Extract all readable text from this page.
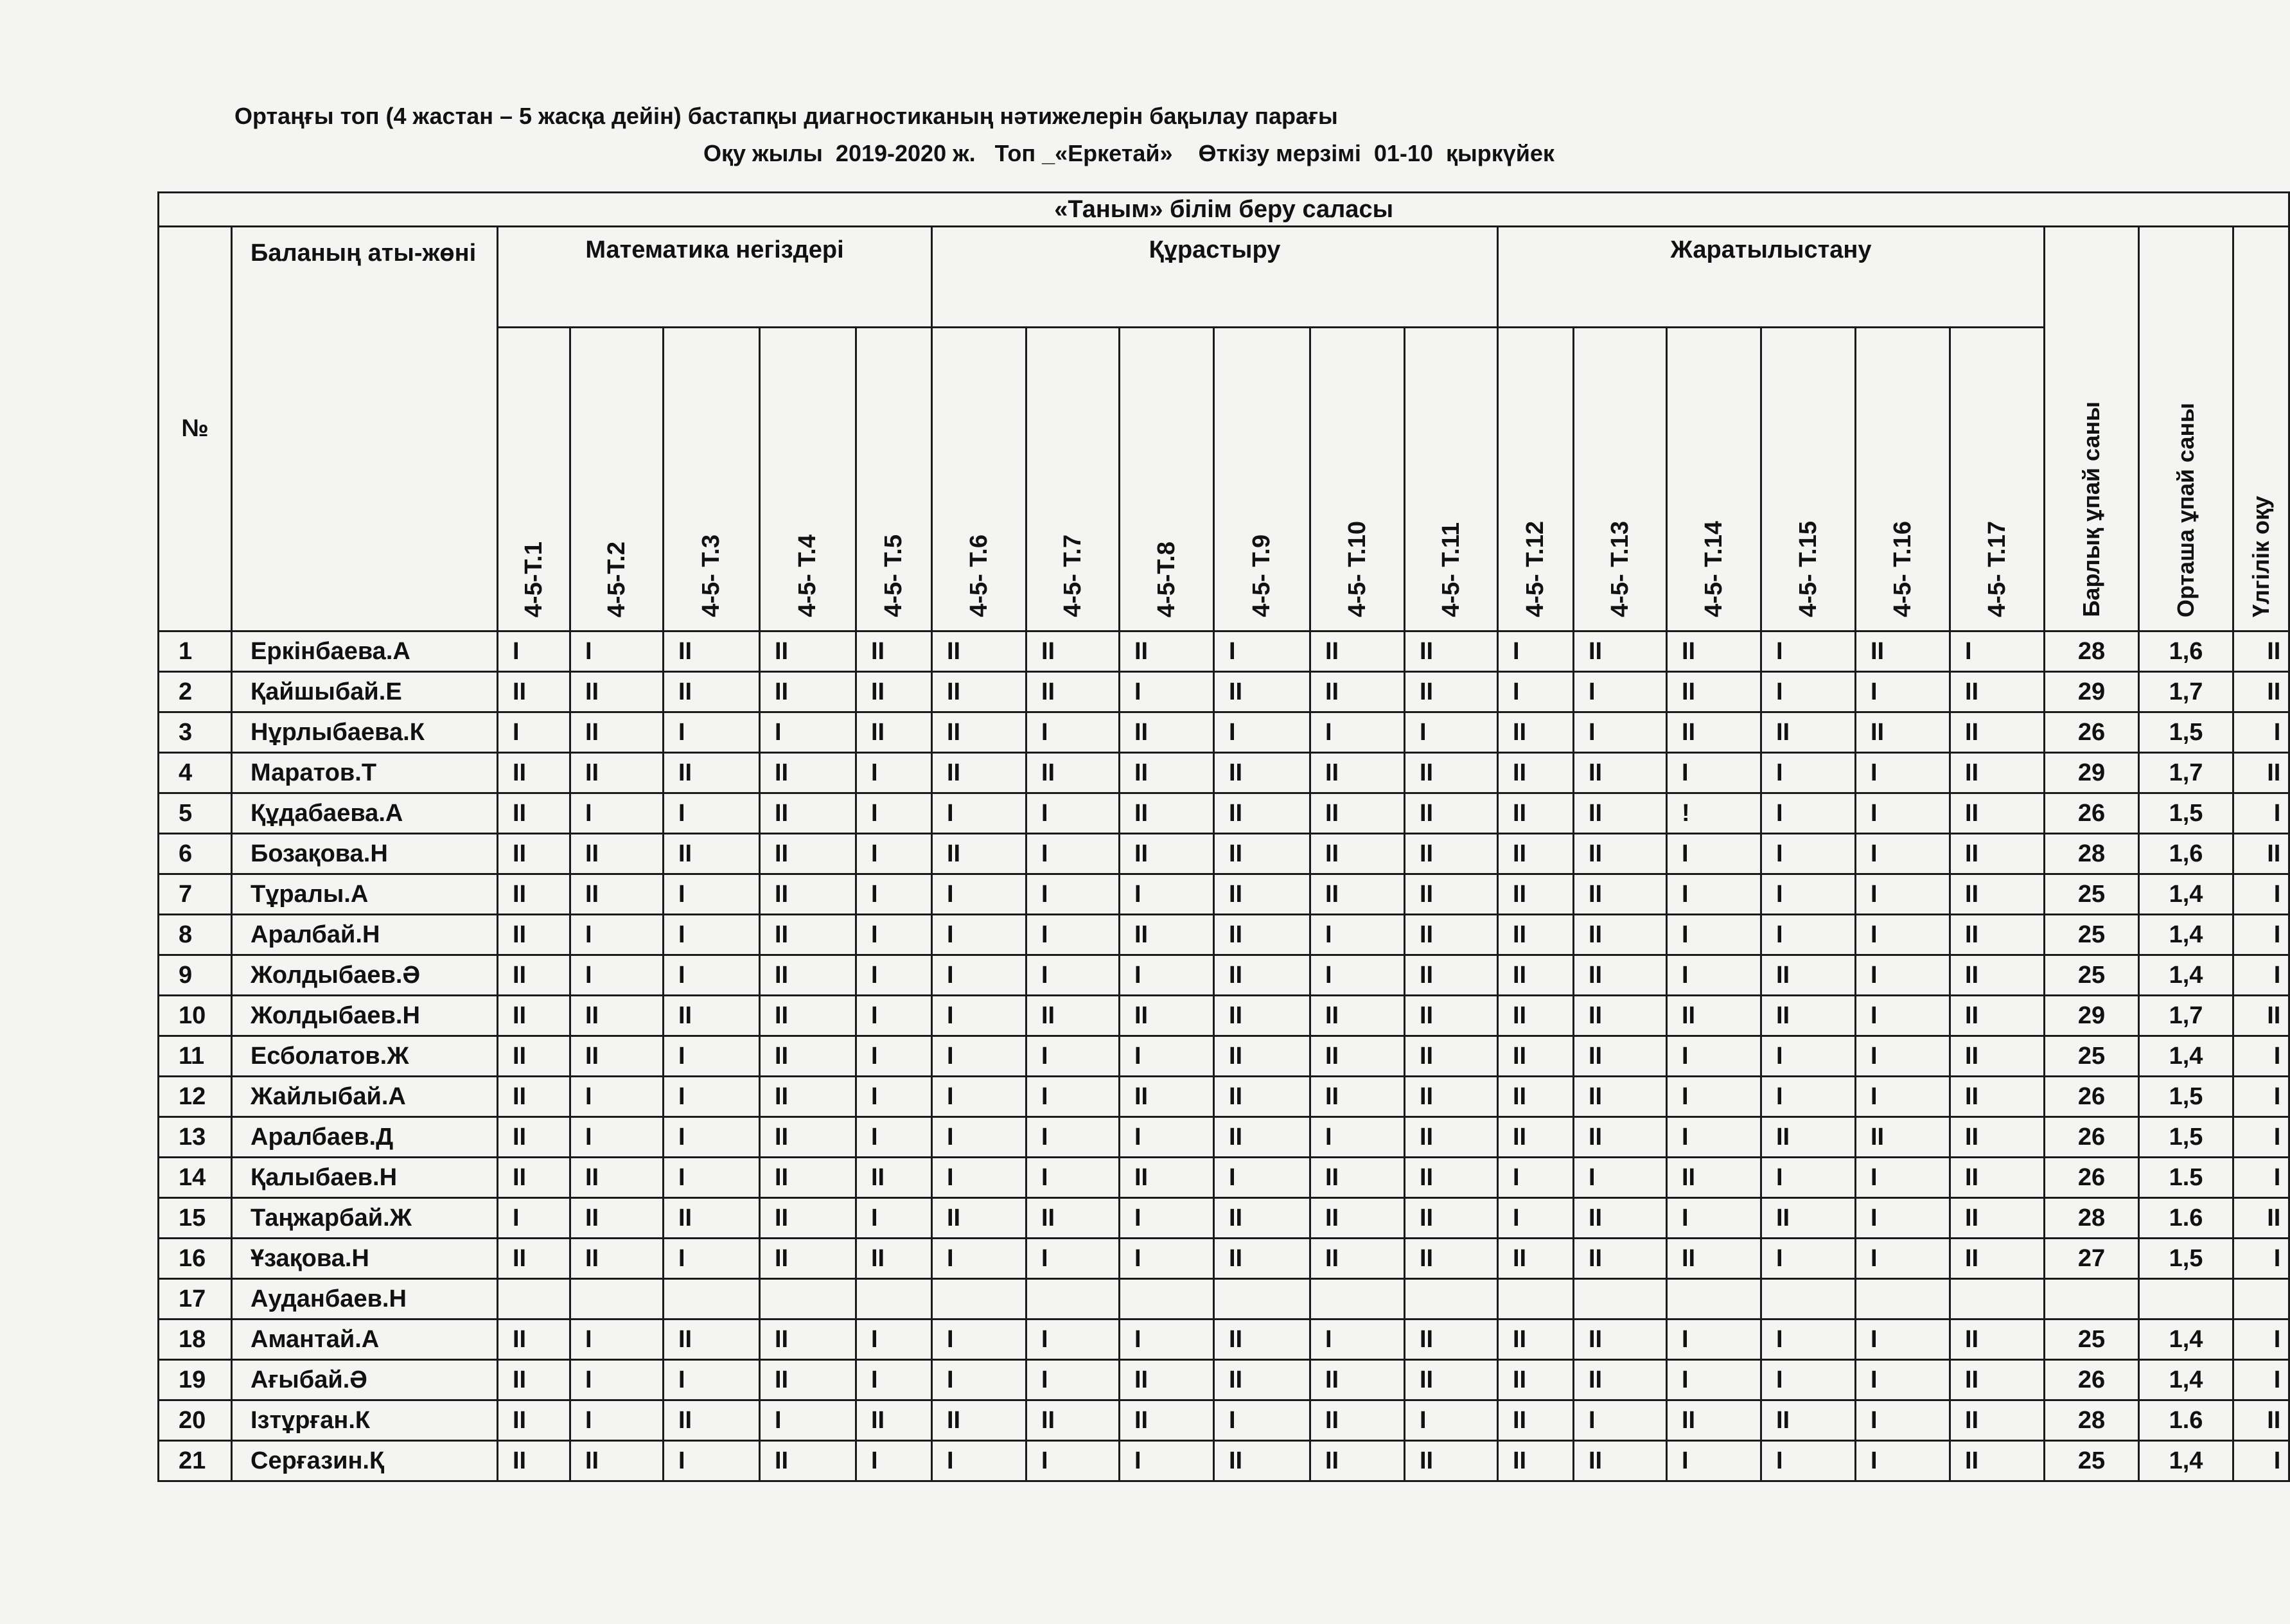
Ортаңғы топ (4 жастан – 5 жасқа дейін) бастапқы диагностиканың нәтижелерін бақылау парағы
Оқу жылы  2019-2020 ж.   Топ _«Еркетай»    Өткізу мерзімі  01-10  қыркүйек
«Таным» білім беру саласы																					
№	Баланың аты-жөні	Математика негіздері					Құрастыру						Жаратылыстану								
		4-5-Т.1	4-5-Т.2	4-5- Т.3	4-5- Т.4	4-5- Т.5	4-5- Т.6	4-5- Т.7	4-5-Т.8	4-5- Т.9	4-5- Т.10	4-5- Т.11	4-5- Т.12	4-5- Т.13	4-5- Т.14	4-5- Т.15	4-5- Т.16	4-5- Т.17	Барлық ұпай саны	Орташа ұпай саны	Үлгілік оқу
1	Еркінбаева.А	I	I	II	II	II	II	II	II	I	II	II	I	II	II	I	II	I	28	1,6	II
2	Қайшыбай.Е	II	II	II	II	II	II	II	I	II	II	II	I	I	II	I	I	II	29	1,7	II
3	Нұрлыбаева.К	I	II	I	I	II	II	I	II	I	I	I	II	I	II	II	II	II	26	1,5	I
4	Маратов.Т	II	II	II	II	I	II	II	II	II	II	II	II	II	I	I	I	II	29	1,7	II
5	Құдабаева.А	II	I	I	II	I	I	I	II	II	II	II	II	II	!	I	I	II	26	1,5	I
6	Бозақова.Н	II	II	II	II	I	II	I	II	II	II	II	II	II	I	I	I	II	28	1,6	II
7	Тұралы.А	II	II	I	II	I	I	I	I	II	II	II	II	II	I	I	I	II	25	1,4	I
8	Аралбай.Н	II	I	I	II	I	I	I	II	II	I	II	II	II	I	I	I	II	25	1,4	I
9	Жолдыбаев.Ә	II	I	I	II	I	I	I	I	II	I	II	II	II	I	II	I	II	25	1,4	I
10	Жолдыбаев.Н	II	II	II	II	I	I	II	II	II	II	II	II	II	II	II	I	II	29	1,7	II
11	Есболатов.Ж	II	II	I	II	I	I	I	I	II	II	II	II	II	I	I	I	II	25	1,4	I
12	Жайлыбай.А	II	I	I	II	I	I	I	II	II	II	II	II	II	I	I	I	II	26	1,5	I
13	Аралбаев.Д	II	I	I	II	I	I	I	I	II	I	II	II	II	I	II	II	II	26	1,5	I
14	Қалыбаев.Н	II	II	I	II	II	I	I	II	I	II	II	I	I	II	I	I	II	26	1.5	I
15	Таңжарбай.Ж	I	II	II	II	I	II	II	I	II	II	II	I	II	I	II	I	II	28	1.6	II
16	Ұзақова.Н	II	II	I	II	II	I	I	I	II	II	II	II	II	II	I	I	II	27	1,5	I
17	Ауданбаев.Н																				
18	Амантай.А	II	I	II	II	I	I	I	I	II	I	II	II	II	I	I	I	II	25	1,4	I
19	Ағыбай.Ә	II	I	I	II	I	I	I	II	II	II	II	II	II	I	I	I	II	26	1,4	I
20	Ізтұрған.К	II	I	II	I	II	II	II	II	I	II	I	II	I	II	II	I	II	28	1.6	II
21	Серғазин.Қ	II	II	I	II	I	I	I	I	II	II	II	II	II	I	I	I	II	25	1,4	I
